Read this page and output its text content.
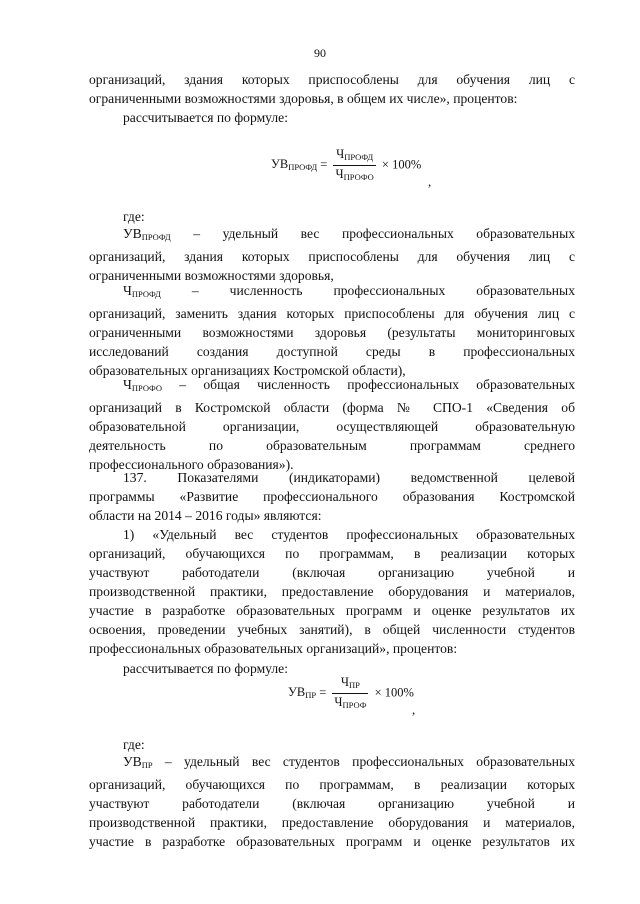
90

организаций, здания которых приспособлены для обучения лиц с

ограниченными возможностями здоровья, в общем их числе», процентов:

рассчитывается по формуле:

$УВ_{ПРОФД} = \frac{Ч_{ПРОФД}}{Ч_{ПРОФО}} \times 100\%$
,

где:

$УВ_{ПРОФД}$ – удельный вес профессиональных образовательных

организаций, здания которых приспособлены для обучения лиц с

ограниченными возможностями здоровья,

$Ч_{ПРОФД}$ – численность профессиональных образовательных

организаций, заменить здания которых приспособлены для обучения лиц с

ограниченными возможностями здоровья (результаты мониторинговых

исследований создания доступной среды в профессиональных

образовательных организациях Костромской области),

$Ч_{ПРОФО}$ – общая численность профессиональных образовательных

организаций в Костромской области (форма № СПО-1 «Сведения об

образовательной организации, осуществляющей образовательную

деятельность по образовательным программам среднего

профессионального образования»).

137. Показателями (индикаторами) ведомственной целевой

программы «Развитие профессионального образования Костромской

области на 2014 – 2016 годы» являются:

1) «Удельный вес студентов профессиональных образовательных

организаций, обучающихся по программам, в реализации которых

участвуют работодатели (включая организацию учебной и

производственной практики, предоставление оборудования и материалов,

участие в разработке образовательных программ и оценке результатов их

освоения, проведении учебных занятий), в общей численности студентов

профессиональных образовательных организаций», процентов:

рассчитывается по формуле:

$УВ_{ПР} = \frac{Ч_{ПР}}{Ч_{ПРОФ}} \times 100\%$
,

где:

$УВ_{ПР}$ – удельный вес студентов профессиональных образовательных

организаций, обучающихся по программам, в реализации которых

участвуют работодатели (включая организацию учебной и

производственной практики, предоставление оборудования и материалов,

участие в разработке образовательных программ и оценке результатов их
